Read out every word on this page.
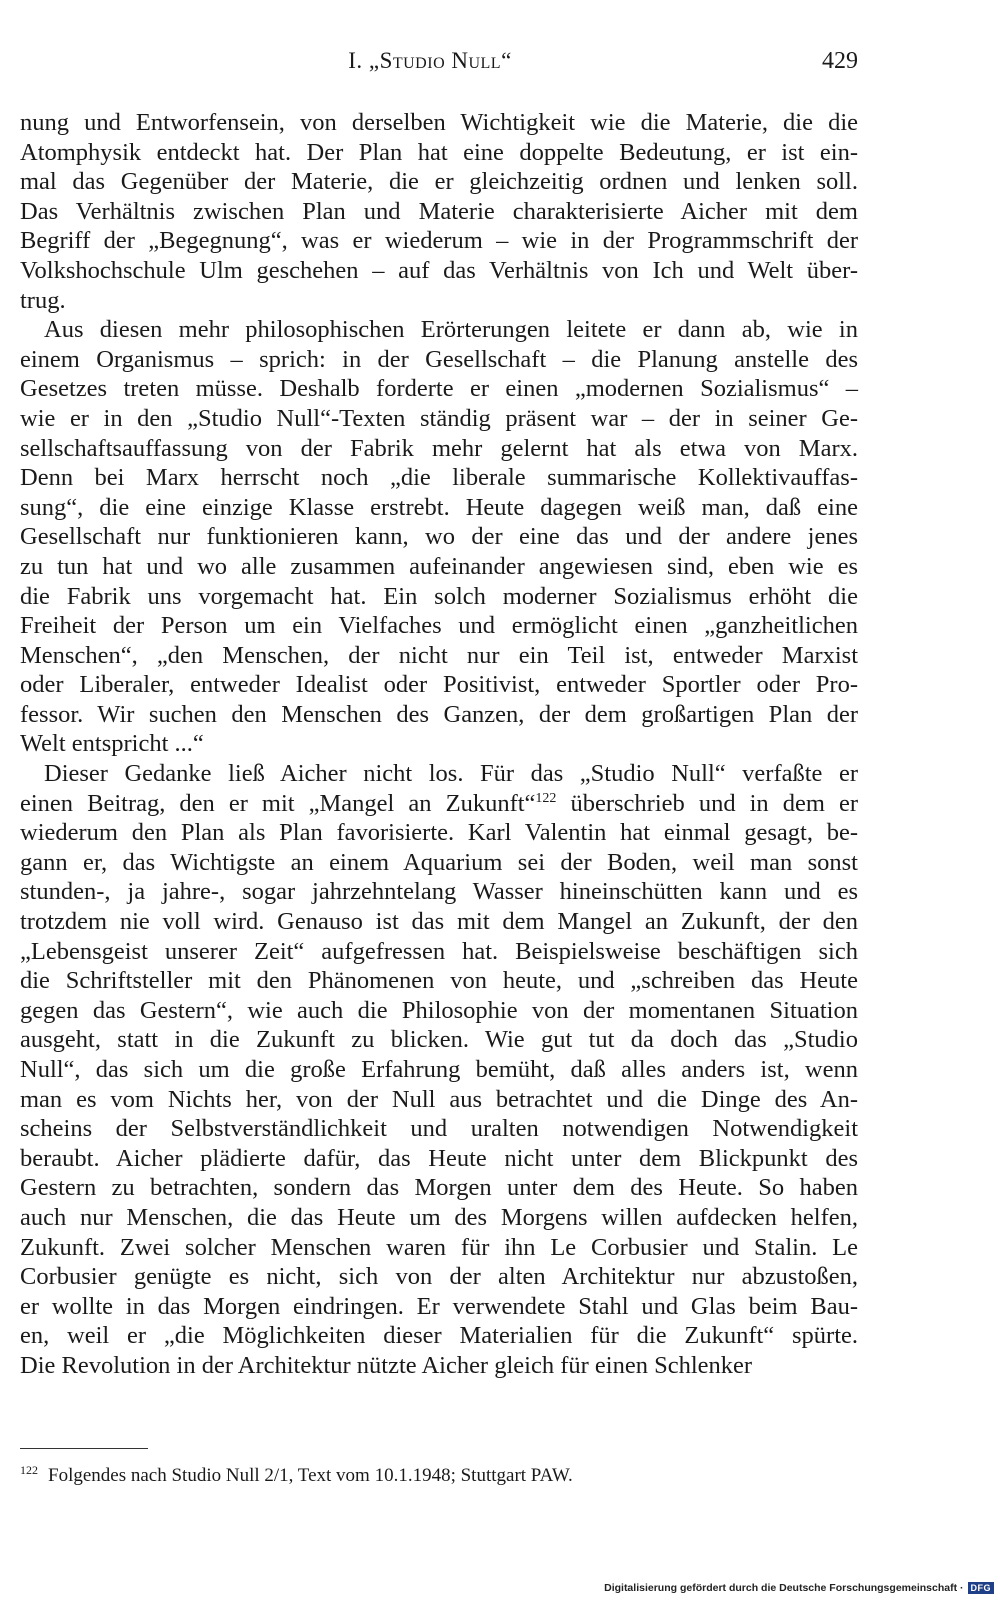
I. „Studio Null“	429
nung und Entworfensein, von derselben Wichtigkeit wie die Materie, die die
Atomphysik entdeckt hat. Der Plan hat eine doppelte Bedeutung, er ist ein-
mal das Gegenüber der Materie, die er gleichzeitig ordnen und lenken soll.
Das Verhältnis zwischen Plan und Materie charakterisierte Aicher mit dem
Begriff der „Begegnung“, was er wiederum – wie in der Programmschrift der
Volkshochschule Ulm geschehen – auf das Verhältnis von Ich und Welt über-
trug.
Aus diesen mehr philosophischen Erörterungen leitete er dann ab, wie in
einem Organismus – sprich: in der Gesellschaft – die Planung anstelle des
Gesetzes treten müsse. Deshalb forderte er einen „modernen Sozialismus“ –
wie er in den „Studio Null“-Texten ständig präsent war – der in seiner Ge-
sellschaftsauffassung von der Fabrik mehr gelernt hat als etwa von Marx.
Denn bei Marx herrscht noch „die liberale summarische Kollektivauffas-
sung“, die eine einzige Klasse erstrebt. Heute dagegen weiß man, daß eine
Gesellschaft nur funktionieren kann, wo der eine das und der andere jenes
zu tun hat und wo alle zusammen aufeinander angewiesen sind, eben wie es
die Fabrik uns vorgemacht hat. Ein solch moderner Sozialismus erhöht die
Freiheit der Person um ein Vielfaches und ermöglicht einen „ganzheitlichen
Menschen“, „den Menschen, der nicht nur ein Teil ist, entweder Marxist
oder Liberaler, entweder Idealist oder Positivist, entweder Sportler oder Pro-
fessor. Wir suchen den Menschen des Ganzen, der dem großartigen Plan der
Welt entspricht ...“
Dieser Gedanke ließ Aicher nicht los. Für das „Studio Null“ verfaßte er
einen Beitrag, den er mit „Mangel an Zukunft“$^{122}$ überschrieb und in dem er
wiederum den Plan als Plan favorisierte. Karl Valentin hat einmal gesagt, be-
gann er, das Wichtigste an einem Aquarium sei der Boden, weil man sonst
stunden-, ja jahre-, sogar jahrzehntelang Wasser hineinschütten kann und es
trotzdem nie voll wird. Genauso ist das mit dem Mangel an Zukunft, der den
„Lebensgeist unserer Zeit“ aufgefressen hat. Beispielsweise beschäftigen sich
die Schriftsteller mit den Phänomenen von heute, und „schreiben das Heute
gegen das Gestern“, wie auch die Philosophie von der momentanen Situation
ausgeht, statt in die Zukunft zu blicken. Wie gut tut da doch das „Studio
Null“, das sich um die große Erfahrung bemüht, daß alles anders ist, wenn
man es vom Nichts her, von der Null aus betrachtet und die Dinge des An-
scheins der Selbstverständlichkeit und uralten notwendigen Notwendigkeit
beraubt. Aicher plädierte dafür, das Heute nicht unter dem Blickpunkt des
Gestern zu betrachten, sondern das Morgen unter dem des Heute. So haben
auch nur Menschen, die das Heute um des Morgens willen aufdecken helfen,
Zukunft. Zwei solcher Menschen waren für ihn Le Corbusier und Stalin. Le
Corbusier genügte es nicht, sich von der alten Architektur nur abzustoßen,
er wollte in das Morgen eindringen. Er verwendete Stahl und Glas beim Bau-
en, weil er „die Möglichkeiten dieser Materialien für die Zukunft“ spürte.
Die Revolution in der Architektur nützte Aicher gleich für einen Schlenker
$^{122}$ Folgendes nach Studio Null 2/1, Text vom 10.1.1948; Stuttgart PAW.
Digitalisierung gefördert durch die Deutsche Forschungsgemeinschaft · DFG
